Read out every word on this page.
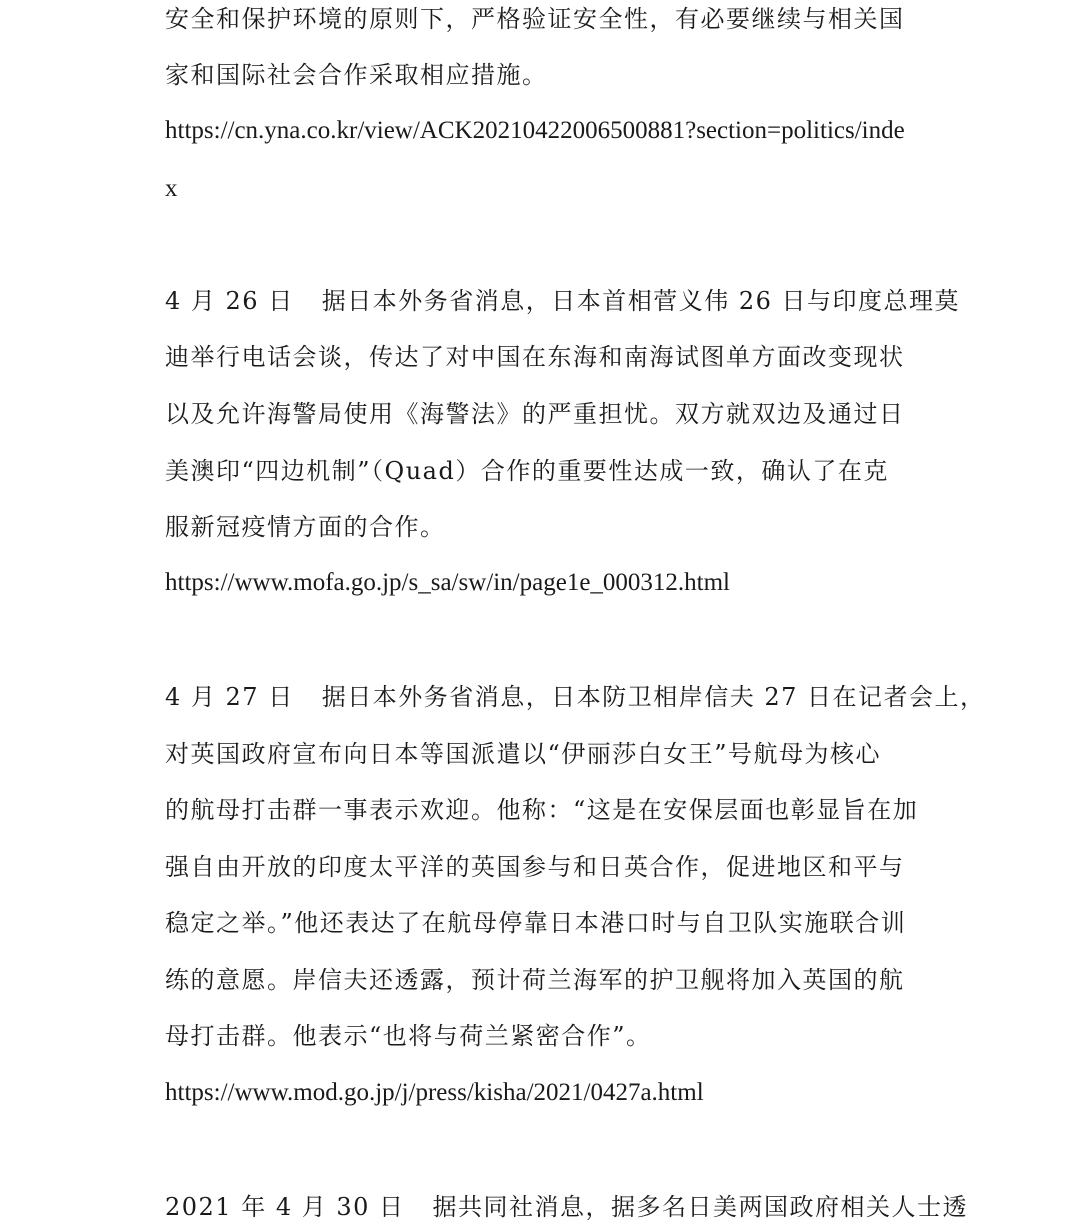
安全和保护环境的原则下，严格验证安全性，有必要继续与相关国
家和国际社会合作采取相应措施。
https://cn.yna.co.kr/view/ACK20210422006500881?section=politics/inde
x
4 月 26 日 据日本外务省消息，日本首相菅义伟 26 日与印度总理莫
迪举行电话会谈，传达了对中国在东海和南海试图单方面改变现状
以及允许海警局使用《海警法》的严重担忧。双方就双边及通过日
美澳印“四边机制”（Quad）合作的重要性达成一致，确认了在克
服新冠疫情方面的合作。
https://www.mofa.go.jp/s_sa/sw/in/page1e_000312.html
4 月 27 日 据日本外务省消息，日本防卫相岸信夫 27 日在记者会上，
对英国政府宣布向日本等国派遣以“伊丽莎白女王”号航母为核心
的航母打击群一事表示欢迎。他称：“这是在安保层面也彰显旨在加
强自由开放的印度太平洋的英国参与和日英合作，促进地区和平与
稳定之举。”他还表达了在航母停靠日本港口时与自卫队实施联合训
练的意愿。岸信夫还透露，预计荷兰海军的护卫舰将加入英国的航
母打击群。他表示“也将与荷兰紧密合作”。
https://www.mod.go.jp/j/press/kisha/2021/0427a.html
2021 年 4 月 30 日 据共同社消息，据多名日美两国政府相关人士透
